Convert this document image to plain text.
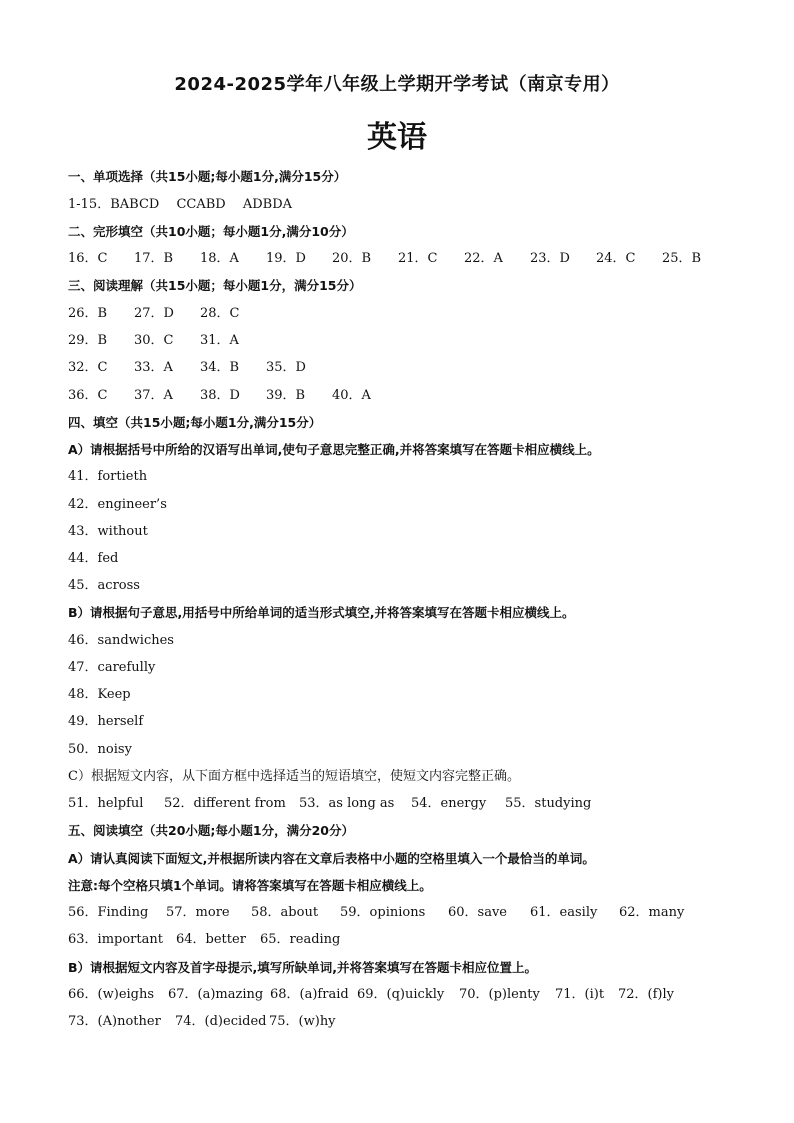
2024-2025学年八年级上学期开学考试（南京专用）
英语
一、单项选择（共15小题;每小题1分,满分15分）
1-15．BABCD　 CCABD　 ADBDA
二、完形填空（共10小题；每小题1分,满分10分）
16．C 17．B 18．A 19．D 20．B 21．C 22．A 23．D 24．C 25．B
三、阅读理解（共15小题；每小题1分，满分15分）
26．B 27．D 28．C
29．B 30．C 31．A
32．C 33．A 34．B 35．D
36．C 37．A 38．D 39．B 40．A
四、填空（共15小题;每小题1分,满分15分）
A）请根据括号中所给的汉语写出单词,使句子意思完整正确,并将答案填写在答题卡相应横线上。
41．fortieth
42．engineer’s
43．without
44．fed
45．across
B）请根据句子意思,用括号中所给单词的适当形式填空,并将答案填写在答题卡相应横线上。
46．sandwiches
47．carefully
48．Keep
49．herself
50．noisy
C）根据短文内容，从下面方框中选择适当的短语填空，使短文内容完整正确。
51．helpful 52．different from 53．as long as 54．energy 55．studying
五、阅读填空（共20小题;每小题1分，满分20分）
A）请认真阅读下面短文,并根据所读内容在文章后表格中小题的空格里填入一个最恰当的单词。
注意:每个空格只填1个单词。请将答案填写在答题卡相应横线上。
56．Finding 57．more 58．about 59．opinions 60．save 61．easily 62．many
63．important 64．better 65．reading
B）请根据短文内容及首字母提示,填写所缺单词,并将答案填写在答题卡相应位置上。
66．(w)eighs 67．(a)mazing 68．(a)fraid 69．(q)uickly 70．(p)lenty 71．(i)t 72．(f)ly
73．(A)nother 74．(d)ecided 75．(w)hy
